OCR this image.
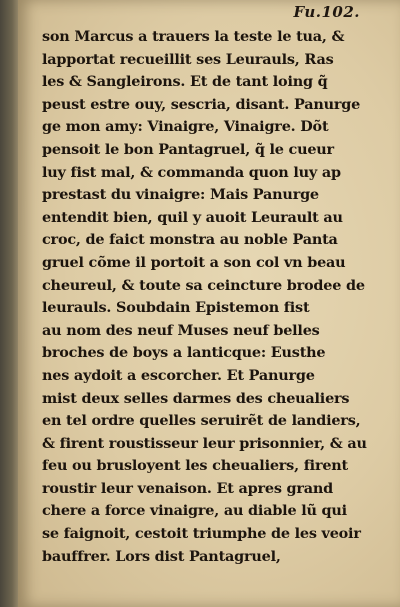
Fu.102.

son Marcus a trauers la teste le tua, &

lapportat recueillit ses Leurauls, Ras

les & Sangleirons. Et de tant loing q̃

peust estre ouy, sescria, disant. Panurge

ge mon amy: Vinaigre, Vinaigre. Dõt

pensoit le bon Pantagruel, q̃ le cueur

luy fist mal, & commanda quon luy ap

prestast du vinaigre: Mais Panurge

entendit bien, quil y auoit Leurault au

croc, de faict monstra au noble Panta

gruel cõme il portoit a son col vn beau

cheureul, & toute sa ceincture brodee de

leurauls. Soubdain Epistemon fist

au nom des neuf Muses neuf belles

broches de boys a lanticque: Eusthe

nes aydoit a escorcher. Et Panurge

mist deux selles darmes des cheualiers

en tel ordre quelles seruirẽt de landiers,

& firent roustisseur leur prisonnier, & au

feu ou brusloyent les cheualiers, firent

roustir leur venaison. Et apres grand

chere a force vinaigre, au diable lũ qui

se faignoit, cestoit triumphe de les veoir

bauffrer. Lors dist Pantagruel,
